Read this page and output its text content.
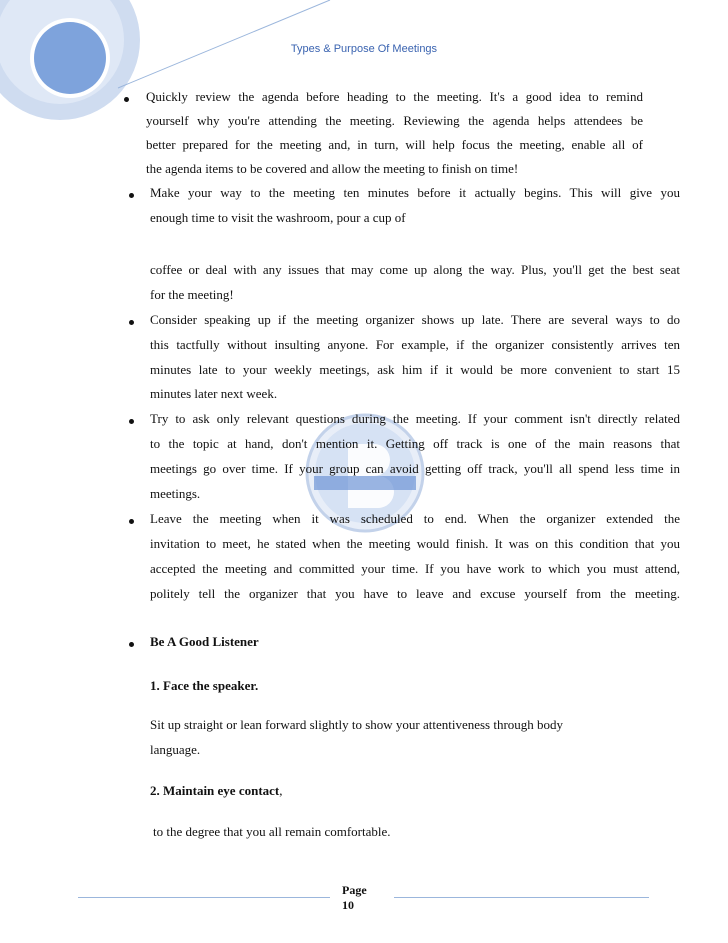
Types & Purpose Of Meetings
Quickly review the agenda before heading to the meeting. It's a good idea to remind
yourself why you're attending the meeting. Reviewing the agenda helps attendees be
better prepared for the meeting and, in turn, will help focus the meeting, enable all of
the agenda items to be covered and allow the meeting to finish on time!
Make your way to the meeting ten minutes before it actually begins. This will give you
enough time to visit the washroom, pour a cup of
coffee or deal with any issues that may come up along the way. Plus, you'll get the best seat
for the meeting!
Consider speaking up if the meeting organizer shows up late. There are several ways to do
this tactfully without insulting anyone. For example, if the organizer consistently arrives ten
minutes late to your weekly meetings, ask him if it would be more convenient to start 15
minutes later next week.
Try to ask only relevant questions during the meeting. If your comment isn't directly related
to the topic at hand, don't mention it. Getting off track is one of the main reasons that
meetings go over time. If your group can avoid getting off track, you'll all spend less time in
meetings.
Leave the meeting when it was scheduled to end. When the organizer extended the
invitation to meet, he stated when the meeting would finish. It was on this condition that you
accepted the meeting and committed your time. If you have work to which you must attend,
politely tell the organizer that you have to leave and excuse yourself from the meeting.
Be A Good Listener
1. Face the speaker.
Sit up straight or lean forward slightly to show your attentiveness through body
language.
2. Maintain eye contact,
to the degree that you all remain comfortable.
Page
10
